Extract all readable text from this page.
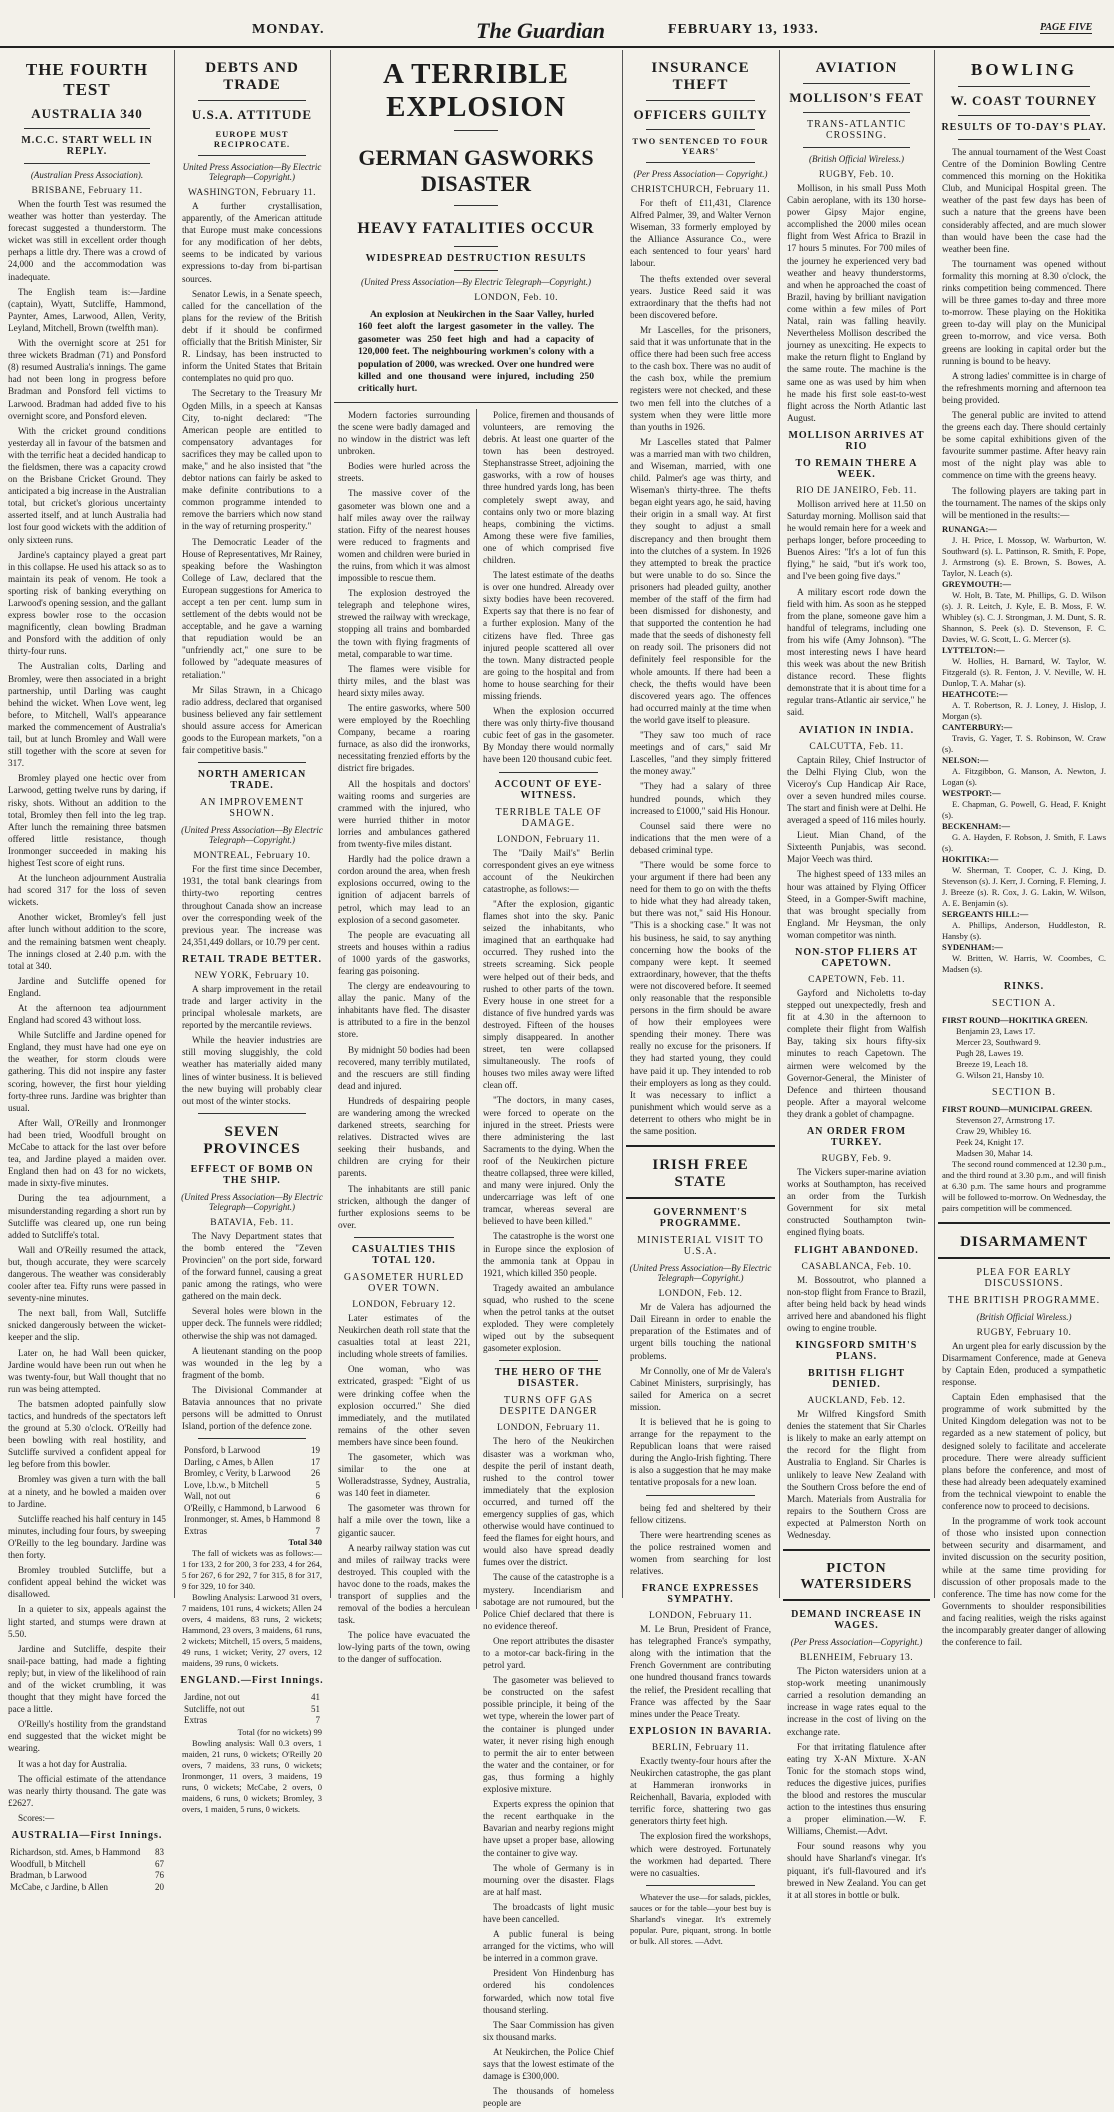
MONDAY.	The Guardian	FEBRUARY 13, 1933.	PAGE FIVE
THE FOURTH TEST
AUSTRALIA 340
M.C.C. START WELL IN REPLY.
(Australian Press Association).
BRISBANE, February 11.

When the fourth Test was resumed the weather was hotter than yesterday. The forecast suggested a thunderstorm. The wicket was still in excellent order though perhaps a little dry. There was a crowd of 24,000 and the accommodation was inadequate.

The English team is:—Jardine (captain), Wyatt, Sutcliffe, Hammond, Paynter, Ames, Larwood, Allen, Verity, Leyland, Mitchell, Brown (twelfth man).

With the overnight score at 251 for three wickets Bradman (71) and Ponsford (8) resumed Australia's innings. The game had not been long in progress before Bradman and Ponsford fell victims to Larwood. Bradman had added five to his overnight score, and Ponsford eleven.

With the cricket ground conditions yesterday all in favour of the batsmen and with the terrific heat a decided handicap to the fieldsmen, there was a capacity crowd on the Brisbane Cricket Ground. They anticipated a big increase in the Australian total, but cricket's glorious uncertainty asserted itself, and at lunch Australia had lost four good wickets with the addition of only sixteen runs.

Jardine's captaincy played a great part in this collapse. He used his attack so as to maintain its peak of venom. He took a sporting risk of banking everything on Larwood's opening session, and the gallant express bowler rose to the occasion magnificently, clean bowling Bradman and Ponsford with the addition of only thirty-four runs.

The Australian colts, Darling and Bromley, were then associated in a bright partnership, until Darling was caught behind the wicket. When Love went, leg before, to Mitchell, Wall's appearance marked the commencement of Australia's tail, but at lunch Bromley and Wall were still together with the score at seven for 317.

Bromley played one hectic over from Larwood, getting twelve runs by daring, if risky, shots. Without an addition to the total, Bromley then fell into the leg trap. After lunch the remaining three batsmen offered little resistance, though Ironmonger succeeded in making his highest Test score of eight runs.

At the luncheon adjournment Australia had scored 317 for the loss of seven wickets.

Another wicket, Bromley's fell just after lunch without addition to the score, and the remaining batsmen went cheaply. The innings closed at 2.40 p.m. with the total at 340.

Jardine and Sutcliffe opened for England.

At the afternoon tea adjournment England had scored 43 without loss.

While Sutcliffe and Jardine opened for England, they must have had one eye on the weather, for storm clouds were gathering. This did not inspire any faster scoring, however, the first hour yielding forty-three runs. Jardine was brighter than usual.

After Wall, O'Reilly and Ironmonger had been tried, Woodfull brought on McCabe to attack for the last over before tea, and Jardine played a maiden over. England then had on 43 for no wickets, made in sixty-five minutes.

During the tea adjournment, a misunderstanding regarding a short run by Sutcliffe was cleared up, one run being added to Sutcliffe's total.

Wall and O'Reilly resumed the attack, but, though accurate, they were scarcely dangerous. The weather was considerably cooler after tea. Fifty runs were passed in seventy-nine minutes.

The next ball, from Wall, Sutcliffe snicked dangerously between the wicket-keeper and the slip.

Later on, he had Wall been quicker, Jardine would have been run out when he was twenty-four, but Wall thought that no run was being attempted.

The batsmen adopted painfully slow tactics, and hundreds of the spectators left the ground at 5.30 o'clock. O'Reilly had been bowling with real hostility, and Sutcliffe survived a confident appeal for leg before from this bowler.

Bromley was given a turn with the ball at a ninety, and he bowled a maiden over to Jardine.

Sutcliffe reached his half century in 145 minutes, including four fours, by sweeping O'Reilly to the leg boundary. Jardine was then forty.

Bromley troubled Sutcliffe, but a confident appeal behind the wicket was disallowed.

In a quieter to six, appeals against the light started, and stumps were drawn at 5.50.

Jardine and Sutcliffe, despite their snail-pace batting, had made a fighting reply; but, in view of the likelihood of rain and of the wicket crumbling, it was thought that they might have forced the pace a little.

O'Reilly's hostility from the grandstand end suggested that the wicket might be wearing.

It was a hot day for Australia.

The official estimate of the attendance was nearly thirty thousand. The gate was £2627.

Scores:—
AUSTRALIA—First Innings.
Richardson, std. Ames, b Hammond 83
Woodfull, b Mitchell	67
Bradman, b Larwood	76
McCabe, c Jardine, b Allen	20
DEBTS AND TRADE
U.S.A. ATTITUDE
EUROPE MUST RECIPROCATE.
United Press Association—By Electric Telegraph—Copyright.)
WASHINGTON, February 11.

A further crystallisation, apparently, of the American attitude that Europe must make concessions for any modification of her debts, seems to be indicated by various expressions to-day from bi-partisan sources.

Senator Lewis, in a Senate speech, called for the cancellation of the plans for the review of the British debt if it should be confirmed officially that the British Minister, Sir R. Lindsay, has been instructed to inform the United States that Britain contemplates no quid pro quo.

The Secretary to the Treasury Mr Ogden Mills, in a speech at Kansas City, to-night declared: "The American people are entitled to compensatory advantages for sacrifices they may be called upon to make," and he also insisted that "the debtor nations can fairly be asked to make definite contributions to a common programme intended to remove the barriers which now stand in the way of returning prosperity."

The Democratic Leader of the House of Representatives, Mr Rainey, speaking before the Washington College of Law, declared that the European suggestions for America to accept a ten per cent. lump sum in settlement of the debts would not be acceptable, and he gave a warning that repudiation would be an "unfriendly act," one sure to be followed by "adequate measures of retaliation."

Mr Silas Strawn, in a Chicago radio address, declared that organised business believed any fair settlement should assure access for American goods to the European markets, "on a fair competitive basis."

NORTH AMERICAN TRADE.
AN IMPROVEMENT SHOWN.
(United Press Association—By Electric Telegraph—Copyright.)
MONTREAL, February 10.

For the first time since December, 1931, the total bank clearings from thirty-two reporting centres throughout Canada show an increase over the corresponding week of the previous year. The increase was 24,351,449 dollars, or 10.79 per cent.

RETAIL TRADE BETTER.
NEW YORK, February 10.

A sharp improvement in the retail trade and larger activity in the principal wholesale markets, are reported by the mercantile reviews.

While the heavier industries are still moving sluggishly, the cold weather has materially aided many lines of winter business. It is believed the new buying will probably clear out most of the winter stocks.

SEVEN PROVINCES
EFFECT OF BOMB ON THE SHIP.
(United Press Association—By Electric Telegraph—Copyright.)
BATAVIA, Feb. 11.

The Navy Department states that the bomb entered the "Zeven Provincien" on the port side, forward of the forward funnel, causing a great panic among the ratings, who were gathered on the main deck.

Several holes were blown in the upper deck. The funnels were riddled; otherwise the ship was not damaged.

A lieutenant standing on the poop was wounded in the leg by a fragment of the bomb.

The Divisional Commander at Batavia announces that no private persons will be admitted to Onrust Island, portion of the defence zone.

Ponsford, b Larwood	19
Darling, c Ames, b Allen	17
Bromley, c Verity, b Larwood 26
Love, l.b.w., b Mitchell	5
Wall, not out	6
O'Reilly, c Hammond, b Larwood 6
Ironmonger, st. Ames, b Hammond 8
Extras	7
Total 340
The fall of wickets was as follows:—1 for 133, 2 for 200, 3 for 233, 4 for 264, 5 for 267, 6 for 292, 7 for 315, 8 for 317, 9 for 329, 10 for 340.
Bowling Analysis: Larwood 31 overs, 7 maidens, 101 runs, 4 wickets; Allen 24 overs, 4 maidens, 83 runs, 2 wickets; Hammond, 23 overs, 3 maidens, 61 runs, 2 wickets; Mitchell, 15 overs, 5 maidens, 49 runs, 1 wicket; Verity, 27 overs, 12 maidens, 39 runs, 0 wickets.
ENGLAND.—First Innings.
Jardine, not out	41
Sutcliffe, not out	51
Extras	7
Total (for no wickets) 99
Bowling analysis: Wall 0.3 overs, 1 maiden, 21 runs, 0 wickets; O'Reilly 20 overs, 7 maidens, 33 runs, 0 wickets; Ironmonger, 11 overs, 3 maidens, 19 runs, 0 wickets; McCabe, 2 overs, 0 maidens, 6 runs, 0 wickets; Bromley, 3 overs, 1 maiden, 5 runs, 0 wickets.
A TERRIBLE EXPLOSION
GERMAN GASWORKS DISASTER
HEAVY FATALITIES OCCUR
WIDESPREAD DESTRUCTION RESULTS
(United Press Association—By Electric Telegraph—Copyright.)
LONDON, Feb. 10.
An explosion at Neukirchen in the Saar Valley, hurled 160 feet aloft the largest gasometer in the valley. The gasometer was 250 feet high and had a capacity of 120,000 feet. The neighbouring workmen's colony with a population of 2000, was wrecked. Over one hundred were killed and one thousand were injured, including 250 critically hurt.

Modern factories surrounding the scene were badly damaged and no window in the district was left unbroken.

Bodies were hurled across the streets.

The massive cover of the gasometer was blown one and a half miles away over the railway station. Fifty of the nearest houses were reduced to fragments and women and children were buried in the ruins, from which it was almost impossible to rescue them.

The explosion destroyed the telegraph and telephone wires, strewed the railway with wreckage, stopping all trains and bombarded the town with flying fragments of metal, comparable to war time.

The flames were visible for thirty miles, and the blast was heard sixty miles away.

The entire gasworks, where 500 were employed by the Roechling Company, became a roaring furnace, as also did the ironworks, necessitating frenzied efforts by the district fire brigades.

All the hospitals and doctors' waiting rooms and surgeries are crammed with the injured, who were hurried thither in motor lorries and ambulances gathered from twenty-five miles distant.

Hardly had the police drawn a cordon around the area, when fresh explosions occurred, owing to the ignition of adjacent barrels of petrol, which may lead to an explosion of a second gasometer.

The people are evacuating all streets and houses within a radius of 1000 yards of the gasworks, fearing gas poisoning.

The clergy are endeavouring to allay the panic. Many of the inhabitants have fled. The disaster is attributed to a fire in the benzol store.

By midnight 50 bodies had been recovered, many terribly mutilated, and the rescuers are still finding dead and injured.

Hundreds of despairing people are wandering among the wrecked darkened streets, searching for relatives. Distracted wives are seeking their husbands, and children are crying for their parents.

The inhabitants are still panic stricken, although the danger of further explosions seems to be over.

CASUALTIES THIS TOTAL 120.
GASOMETER HURLED OVER TOWN.
LONDON, February 12.

Later estimates of the Neukirchen death roll state that the casualties total at least 221, including whole streets of families.

One woman, who was extricated, grasped: "Eight of us were drinking coffee when the explosion occurred." She died immediately, and the mutilated remains of the other seven members have since been found.

The gasometer, which was similar to the one at Wolleradstrasse, Sydney, Australia, was 140 feet in diameter.

The gasometer was thrown for half a mile over the town, like a gigantic saucer.

A nearby railway station was cut and miles of railway tracks were destroyed. This coupled with the havoc done to the roads, makes the transport of supplies and the removal of the bodies a herculean task.

The police have evacuated the low-lying parts of the town, owing to the danger of suffocation.

Police, firemen and thousands of volunteers, are removing the debris. At least one quarter of the town has been destroyed. Stephanstrasse Street, adjoining the gasworks, with a row of houses three hundred yards long, has been completely swept away, and contains only two or more blazing heaps, combining the victims. Among these were five families, one of which comprised five children.

The latest estimate of the deaths is over one hundred. Already over sixty bodies have been recovered. Experts say that there is no fear of a further explosion. Many of the citizens have fled. Three gas injured people scattered all over the town. Many distracted people are going to the hospital and from home to house searching for their missing friends.

When the explosion occurred there was only thirty-five thousand cubic feet of gas in the gasometer. By Monday there would normally have been 120 thousand cubic feet.

ACCOUNT OF EYE-WITNESS.
TERRIBLE TALE OF DAMAGE.
LONDON, February 11.

The "Daily Mail's" Berlin correspondent gives an eye witness account of the Neukirchen catastrophe, as follows:—

"After the explosion, gigantic flames shot into the sky. Panic seized the inhabitants, who imagined that an earthquake had occurred. They rushed into the streets screaming. Sick people were helped out of their beds, and rushed to other parts of the town. Every house in one street for a distance of five hundred yards was destroyed. Fifteen of the houses simply disappeared. In another street, ten were collapsed simultaneously. The roofs of houses two miles away were lifted clean off.

"The doctors, in many cases, were forced to operate on the injured in the street. Priests were there administering the last Sacraments to the dying. When the roof of the Neukirchen picture theatre collapsed, three were killed, and many were injured. Only the undercarriage was left of one tramcar, whereas several are believed to have been killed."

The catastrophe is the worst one in Europe since the explosion of the ammonia tank at Oppau in 1921, which killed 350 people.

Tragedy awaited an ambulance squad, who rushed to the scene when the petrol tanks at the outset exploded. They were completely wiped out by the subsequent gasometer explosion.

THE HERO OF THE DISASTER.
TURNS OFF GAS DESPITE DANGER
LONDON, February 11.

The hero of the Neukirchen disaster was a workman who, despite the peril of instant death, rushed to the control tower immediately that the explosion occurred, and turned off the emergency supplies of gas, which otherwise would have continued to feed the flames for eight hours, and would also have spread deadly fumes over the district.

The cause of the catastrophe is a mystery. Incendiarism and sabotage are not rumoured, but the Police Chief declared that there is no evidence thereof.

One report attributes the disaster to a motor-car back-firing in the petrol yard.

The gasometer was believed to be constructed on the safest possible principle, it being of the wet type, wherein the lower part of the container is plunged under water, it never rising high enough to permit the air to enter between the water and the container, or for gas, thus forming a highly explosive mixture.

Experts express the opinion that the recent earthquake in the Bavarian and nearby regions might have upset a proper base, allowing the container to give way.

The whole of Germany is in mourning over the disaster. Flags are at half mast.

The broadcasts of light music have been cancelled.

A public funeral is being arranged for the victims, who will be interred in a common grave.

President Von Hindenburg has ordered his condolences forwarded, which now total five thousand sterling.

The Saar Commission has given six thousand marks.

At Neukirchen, the Police Chief says that the lowest estimate of the damage is £300,000.

The thousands of homeless people are

INSURANCE THEFT
OFFICERS GUILTY
TWO SENTENCED TO FOUR YEARS'
(Per Press Association— Copyright.)
CHRISTCHURCH, February 11.

For theft of £11,431, Clarence Alfred Palmer, 39, and Walter Vernon Wiseman, 33 formerly employed by the Alliance Assurance Co., were each sentenced to four years' hard labour.

The thefts extended over several years. Justice Reed said it was extraordinary that the thefts had not been discovered before.

Mr Lascelles, for the prisoners, said that it was unfortunate that in the office there had been such free access to the cash box. There was no audit of the cash box, while the premium registers were not checked, and these two men fell into the clutches of a system when they were little more than youths in 1926.

Mr Lascelles stated that Palmer was a married man with two children, and Wiseman, married, with one child. Palmer's age was thirty, and Wiseman's thirty-three. The thefts began eight years ago, he said, having their origin in a small way. At first they sought to adjust a small discrepancy and then brought them into the clutches of a system. In 1926 they attempted to break the practice but were unable to do so. Since the prisoners had pleaded guilty, another member of the staff of the firm had been dismissed for dishonesty, and that supported the contention he had made that the seeds of dishonesty fell on ready soil. The prisoners did not definitely feel responsible for the whole amounts. If there had been a check, the thefts would have been discovered years ago. The offences had occurred mainly at the time when the world gave itself to pleasure.

"They saw too much of race meetings and of cars," said Mr Lascelles, "and they simply frittered the money away."

"They had a salary of three hundred pounds, which they increased to £1000," said His Honour.

Counsel said there were no indications that the men were of a debased criminal type.

"There would be some force to your argument if there had been any need for them to go on with the thefts to hide what they had already taken, but there was not," said His Honour. "This is a shocking case." It was not his business, he said, to say anything concerning how the books of the company were kept. It seemed extraordinary, however, that the thefts were not discovered before. It seemed only reasonable that the responsible persons in the firm should be aware of how their employees were spending their money. There was really no excuse for the prisoners. If they had started young, they could have paid it up. They intended to rob their employers as long as they could. It was necessary to inflict a punishment which would serve as a deterrent to others who might be in the same position.

IRISH FREE STATE
GOVERNMENT'S PROGRAMME.
MINISTERIAL VISIT TO U.S.A.
(United Press Association—By Electric Telegraph—Copyright.)
LONDON, Feb. 12.

Mr de Valera has adjourned the Dail Eireann in order to enable the preparation of the Estimates and of urgent bills touching the national problems.

Mr Connolly, one of Mr de Valera's Cabinet Ministers, surprisingly, has sailed for America on a secret mission.

It is believed that he is going to arrange for the repayment to the Republican loans that were raised during the Anglo-Irish fighting. There is also a suggestion that he may make tentative proposals for a new loan.

being fed and sheltered by their fellow citizens.

There were heartrending scenes as the police restrained women and women from searching for lost relatives.

FRANCE EXPRESSES SYMPATHY.
LONDON, February 11.

M. Le Brun, President of France, has telegraphed France's sympathy, along with the intimation that the French Government are contributing one hundred thousand francs towards the relief, the President recalling that France was affected by the Saar mines under the Peace Treaty.

EXPLOSION IN BAVARIA.
BERLIN, February 11.

Exactly twenty-four hours after the Neukirchen catastrophe, the gas plant at Hammeran ironworks in Reichenhall, Bavaria, exploded with terrific force, shattering two gas generators thirty feet high.

The explosion fired the workshops, which were destroyed. Fortunately the workmen had departed. There were no casualties.

Whatever the use—for salads, pickles, sauces or for the table—your best buy is Sharland's vinegar. It's extremely popular. Pure, piquant, strong. In bottle or bulk. All stores. —Advt.
AVIATION
MOLLISON'S FEAT
TRANS-ATLANTIC CROSSING.
(British Official Wireless.)
RUGBY, Feb. 10.

Mollison, in his small Puss Moth Cabin aeroplane, with its 130 horse-power Gipsy Major engine, accomplished the 2000 miles ocean flight from West Africa to Brazil in 17 hours 5 minutes. For 700 miles of the journey he experienced very bad weather and heavy thunderstorms, and when he approached the coast of Brazil, having by brilliant navigation come within a few miles of Port Natal, rain was falling heavily. Nevertheless Mollison described the journey as unexciting. He expects to make the return flight to England by the same route. The machine is the same one as was used by him when he made his first sole east-to-west flight across the North Atlantic last August.

MOLLISON ARRIVES AT RIO
TO REMAIN THERE A WEEK.
RIO DE JANEIRO, Feb. 11.

Mollison arrived here at 11.50 on Saturday morning. Mollison said that he would remain here for a week and perhaps longer, before proceeding to Buenos Aires: "It's a lot of fun this flying," he said, "but it's work too, and I've been going five days."

A military escort rode down the field with him. As soon as he stepped from the plane, someone gave him a handful of telegrams, including one from his wife (Amy Johnson). "The most interesting news I have heard this week was about the new British distance record. These flights demonstrate that it is about time for a regular trans-Atlantic air service," he said.

AVIATION IN INDIA.
CALCUTTA, Feb. 11.

Captain Riley, Chief Instructor of the Delhi Flying Club, won the Viceroy's Cup Handicap Air Race, over a seven hundred miles course. The start and finish were at Delhi. He averaged a speed of 116 miles hourly.

Lieut. Mian Chand, of the Sixteenth Punjabis, was second. Major Veech was third.

The highest speed of 133 miles an hour was attained by Flying Officer Steed, in a Gomper-Swift machine, that was brought specially from England. Mr Heysman, the only woman competitor was ninth.

NON-STOP FLIERS AT CAPETOWN.
CAPETOWN, Feb. 11.

Gayford and Nicholetts to-day stepped out unexpectedly, fresh and fit at 4.30 in the afternoon to complete their flight from Walfish Bay, taking six hours fifty-six minutes to reach Capetown. The airmen were welcomed by the Governor-General, the Minister of Defence and thirteen thousand people. After a mayoral welcome they drank a goblet of champagne.

AN ORDER FROM TURKEY.
RUGBY, Feb. 9.

The Vickers super-marine aviation works at Southampton, has received an order from the Turkish Government for six metal constructed Southampton twin-engined flying boats.

FLIGHT ABANDONED.
CASABLANCA, Feb. 10.

M. Bossoutrot, who planned a non-stop flight from France to Brazil, after being held back by head winds arrived here and abandoned his flight owing to engine trouble.

KINGSFORD SMITH'S PLANS.
BRITISH FLIGHT DENIED.
AUCKLAND, Feb. 12.

Mr Wilfred Kingsford Smith denies the statement that Sir Charles is likely to make an early attempt on the record for the flight from Australia to England. Sir Charles is unlikely to leave New Zealand with the Southern Cross before the end of March. Materials from Australia for repairs to the Southern Cross are expected at Palmerston North on Wednesday.

PICTON WATERSIDERS
DEMAND INCREASE IN WAGES.
(Per Press Association—Copyright.)
BLENHEIM, February 13.

The Picton watersiders union at a stop-work meeting unanimously carried a resolution demanding an increase in wage rates equal to the increase in the cost of living on the exchange rate.

For that irritating flatulence after eating try X-AN Mixture. X-AN Tonic for the stomach stops wind, reduces the digestive juices, purifies the blood and restores the muscular action to the intestines thus ensuring a proper elimination.—W. F. Williams, Chemist.—Advt.

Four sound reasons why you should have Sharland's vinegar. It's piquant, it's full-flavoured and it's brewed in New Zealand. You can get it at all stores in bottle or bulk.

BOWLING
W. COAST TOURNEY
RESULTS OF TO-DAY'S PLAY.

The annual tournament of the West Coast Centre of the Dominion Bowling Centre commenced this morning on the Hokitika Club, and Municipal Hospital green. The weather of the past few days has been of such a nature that the greens have been considerably affected, and are much slower than would have been the case had the weather been fine.

The tournament was opened without formality this morning at 8.30 o'clock, the rinks competition being commenced. There will be three games to-day and three more to-morrow. These playing on the Hokitika green to-day will play on the Municipal green to-morrow, and vice versa. Both greens are looking in capital order but the running is bound to be heavy.

A strong ladies' committee is in charge of the refreshments morning and afternoon tea being provided.

The general public are invited to attend the greens each day. There should certainly be some capital exhibitions given of the favourite summer pastime. After heavy rain most of the night play was able to commence on time with the greens heavy.

The following players are taking part in the tournament. The names of the skips only will be mentioned in the results:—

RUNANGA:—
J. H. Price, I. Mossop, W. Warburton, W. Southward (s). L. Pattinson, R. Smith, F. Pope, J. Armstrong (s). E. Brown, S. Bowes, A. Taylor, N. Leach (s).
GREYMOUTH:—
W. Holt, B. Tate, M. Phillips, G. D. Wilson (s). J. R. Leitch, J. Kyle, E. B. Moss, F. W. Whibley (s). C. J. Strongman, J. M. Dunt, S. R. Shannon, S. Peek (s). D. Stevenson, F. C. Davies, W. G. Scott, L. G. Mercer (s).
LYTTELTON:—
W. Hollies, H. Barnard, W. Taylor, W. Fitzgerald (s). R. Fenton, J. V. Neville, W. H. Dunlop, T. A. Mahar (s).
HEATHCOTE:—
A. T. Robertson, R. J. Loney, J. Hislop, J. Morgan (s).
CANTERBURY:—
Travis, G. Yager, T. S. Robinson, W. Craw (s).
NELSON:—
A. Fitzgibbon, G. Manson, A. Newton, J. Logan (s).
WESTPORT:—
E. Chapman, G. Powell, G. Head, F. Knight (s).
BECKENHAM:—
G. A. Hayden, F. Robson, J. Smith, F. Laws (s).
HOKITIKA:—
W. Sherman, T. Cooper, C. J. King, D. Stevenson (s). J. Kerr, J. Corning, F. Fleming, J. J. Breeze (s). R. Cox, J. G. Lakin, W. Wilson, A. E. Benjamin (s).
SERGEANTS HILL:—
A. Phillips, Anderson, Huddleston, R. Hansby (s).
SYDENHAM:—
W. Britten, W. Harris, W. Coombes, C. Madsen (s).
RINKS.
SECTION A.
FIRST ROUND—HOKITIKA GREEN.
Benjamin 23, Laws 17.
Mercer 23, Southward 9.
Pugh 28, Lawes 19.
Breeze 19, Leach 18.
G. Wilson 21, Hansby 10.
SECTION B.
FIRST ROUND—MUNICIPAL GREEN.
Stevenson 27, Armstrong 17.
Craw 29, Whibley 16.
Peek 24, Knight 17.
Madsen 30, Mahar 14.
The second round commenced at 12.30 p.m., and the third round at 3.30 p.m., and will finish at 6.30 p.m. The same hours and programme will be followed to-morrow. On Wednesday, the pairs competition will be commenced.
DISARMAMENT
PLEA FOR EARLY DISCUSSIONS.
THE BRITISH PROGRAMME.
(British Official Wireless.)
RUGBY, February 10.

An urgent plea for early discussion by the Disarmament Conference, made at Geneva by Captain Eden, produced a sympathetic response.

Captain Eden emphasised that the programme of work submitted by the United Kingdom delegation was not to be regarded as a new statement of policy, but designed solely to facilitate and accelerate procedure. There were already sufficient plans before the conference, and most of these had already been adequately examined from the technical viewpoint to enable the conference now to proceed to decisions.

In the programme of work took account of those who insisted upon connection between security and disarmament, and invited discussion on the security position, while at the same time providing for discussion of other proposals made to the conference. The time has now come for the Governments to shoulder responsibilities and facing realities, weigh the risks against the incomparably greater danger of allowing the conference to fail.
